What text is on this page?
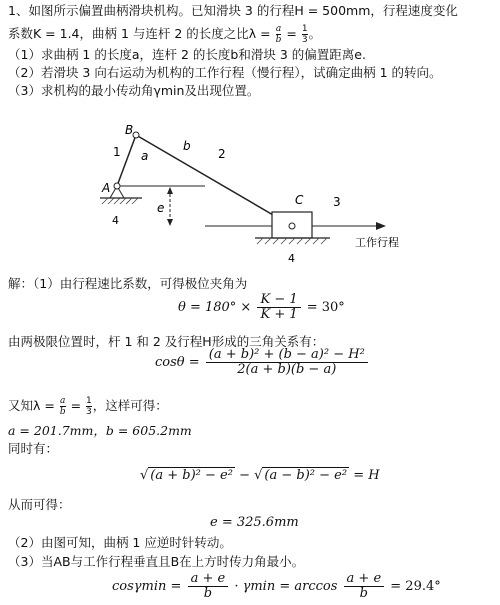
1、如图所示偏置曲柄滑块机构。已知滑块 3 的行程H = 500mm，行程速度变化
系数K = 1.4，曲柄 1 与连杆 2 的长度之比$\lambda = \frac{a}{b} = \frac{1}{3}$ 。
（1）求曲柄 1 的长度a，连杆 2 的长度b和滑块 3 的偏置距离e.
（2）若滑块 3 向右运动为机构的工作行程（慢行程），试确定曲柄 1 的转向。
（3）求机构的最小传动角γmin及出现位置。
B
A
C
1 a
b
2
3
e
4
4
工作行程
解：（1）由行程速比系数，可得极位夹角为
$\theta = 180^\circ \times \frac{K - 1}{K + 1} = 30^\circ$
由两极限位置时，杆 1 和 2 及行程H形成的三角关系有：
$\cos\theta = \frac{\text{(a + b)² + (b − a)² − H²}}{2(a + b)(b - a)}$
又知$\lambda = \frac{a}{b} = \frac{1}{3}$ ，这样可得：
a = 201.7mm，b = 605.2mm
同时有：
√ (a + b)² − e² − √ (a − b)² − e² = H
从而可得：
e = 325.6mm
（2）由图可知，曲柄 1 应逆时针转动。
（3）当AB与工作行程垂直且B在上方时传力角最小。
$\cos\gamma\min = \frac{a + e}{b} \cdot \gamma\min = \arccos \frac{a + e}{b} = 29.4^\circ$
